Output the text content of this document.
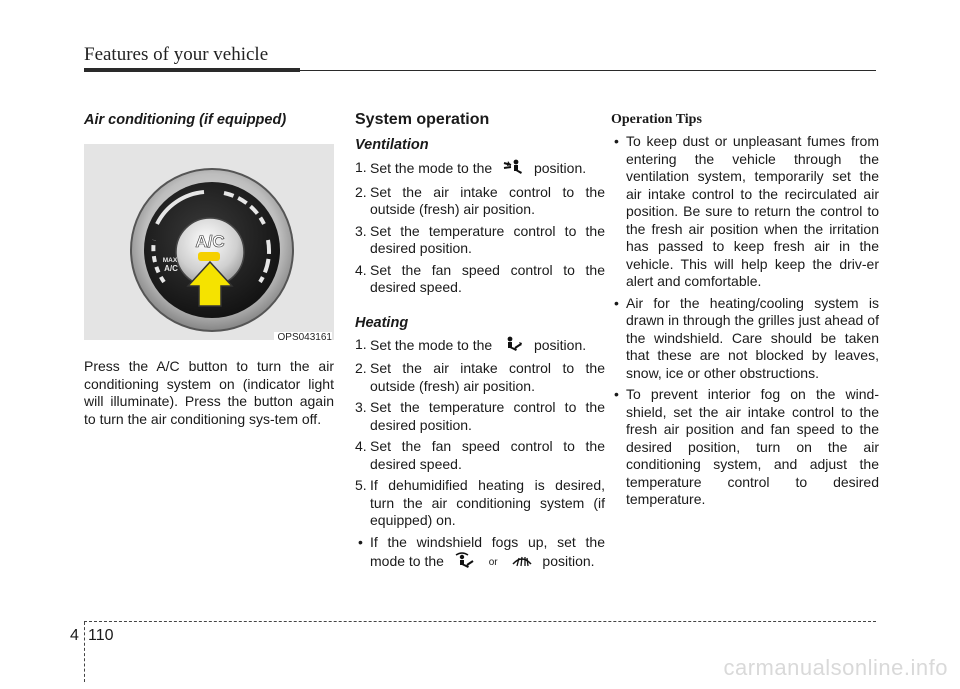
Features of your vehicle
Air conditioning (if equipped)
A/C
MAX
A/C
OPS043161

Press the A/C button to turn the air conditioning system on (indicator light will illuminate). Press the button again to turn the air conditioning sys-tem off.

System operation
Ventilation
1. Set the mode to the	position.
2. Set the air intake control to the outside (fresh) air position.
3. Set the temperature control to the desired position.
4. Set the fan speed control to the desired speed.
Heating
1. Set the mode to the	position.
2. Set the air intake control to the outside (fresh) air position.
3. Set the temperature control to the desired position.
4. Set the fan speed control to the desired speed.
5. If dehumidified heating is desired, turn the air conditioning system (if equipped) on.
• If the windshield fogs up, set the mode to the	or	position.
Operation Tips
• To keep dust or unpleasant fumes from entering the vehicle through the ventilation system, temporarily set the air intake control to the recirculated air position. Be sure to return the control to the fresh air position when the irritation has passed to keep fresh air in the vehicle. This will help keep the driv-er alert and comfortable.
• Air for the heating/cooling system is drawn in through the grilles just ahead of the windshield. Care should be taken that these are not blocked by leaves, snow, ice or other obstructions.
• To prevent interior fog on the wind-shield, set the air intake control to the fresh air position and fan speed to the desired position, turn on the air conditioning system, and adjust the temperature control to desired temperature.
4 110
carmanualsonline.info
